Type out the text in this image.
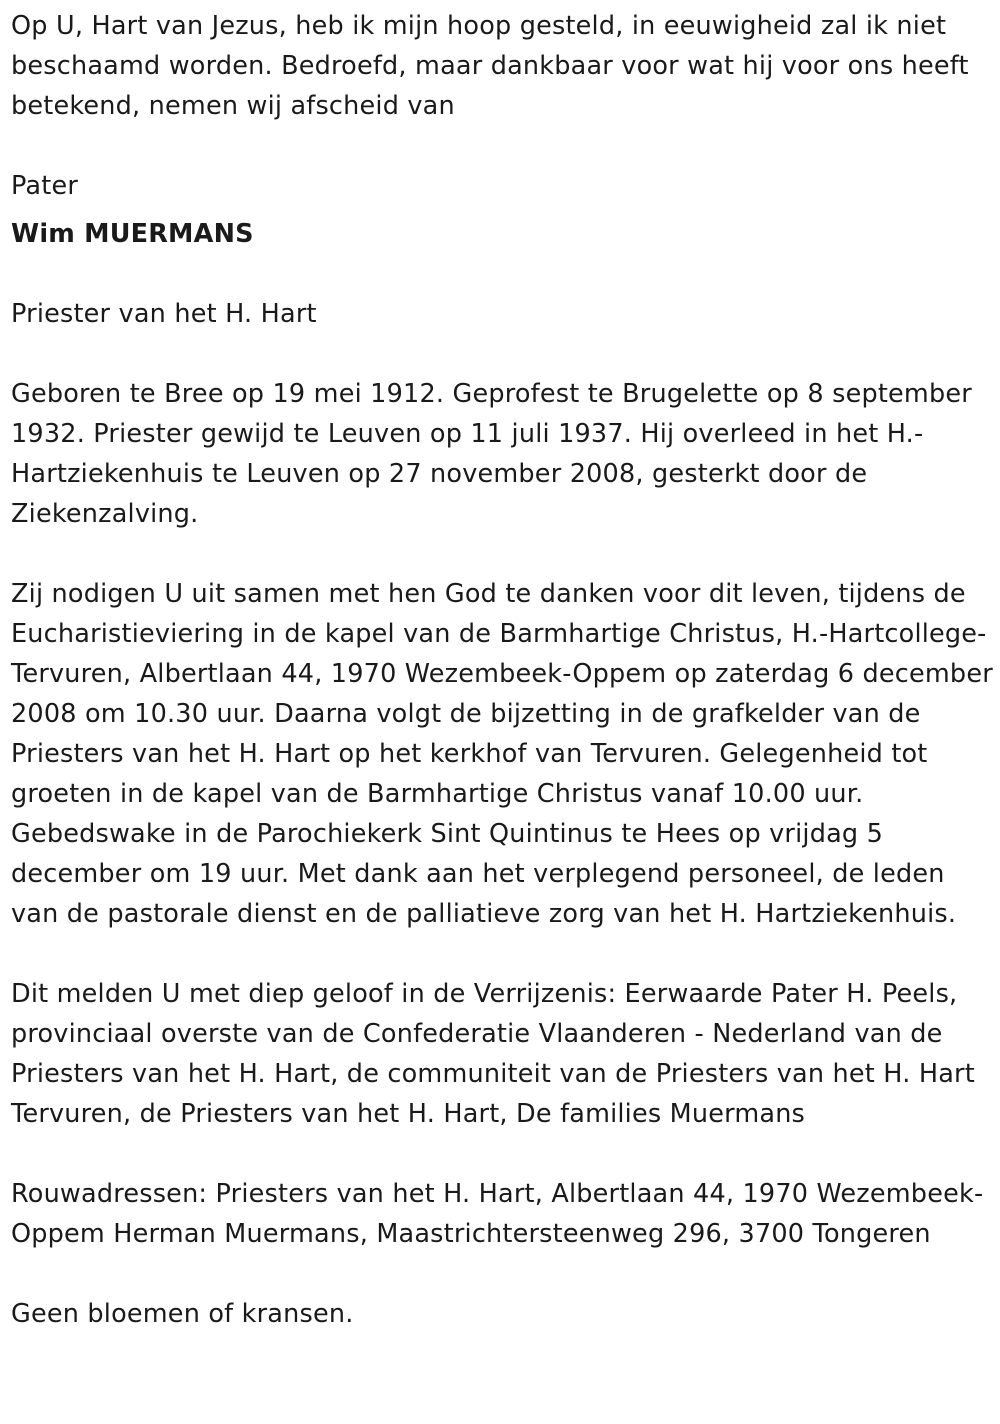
Op U, Hart van Jezus, heb ik mijn hoop gesteld, in eeuwigheid zal ik niet beschaamd worden. Bedroefd, maar dankbaar voor wat hij voor ons heeft betekend, nemen wij afscheid van

Pater

Wim MUERMANS

Priester van het H. Hart

Geboren te Bree op 19 mei 1912. Geprofest te Brugelette op 8 september 1932. Priester gewijd te Leuven op 11 juli 1937. Hij overleed in het H.-Hartziekenhuis te Leuven op 27 november 2008, gesterkt door de Ziekenzalving.

Zij nodigen U uit samen met hen God te danken voor dit leven, tijdens de Eucharistieviering in de kapel van de Barmhartige Christus, H.-Hartcollege-Tervuren, Albertlaan 44, 1970 Wezembeek-Oppem op zaterdag 6 december 2008 om 10.30 uur. Daarna volgt de bijzetting in de grafkelder van de Priesters van het H. Hart op het kerkhof van Tervuren. Gelegenheid tot groeten in de kapel van de Barmhartige Christus vanaf 10.00 uur. Gebedswake in de Parochiekerk Sint Quintinus te Hees op vrijdag 5 december om 19 uur. Met dank aan het verplegend personeel, de leden van de pastorale dienst en de palliatieve zorg van het H. Hartziekenhuis.

Dit melden U met diep geloof in de Verrijzenis: Eerwaarde Pater H. Peels, provinciaal overste van de Confederatie Vlaanderen - Nederland van de Priesters van het H. Hart, de communiteit van de Priesters van het H. Hart Tervuren, de Priesters van het H. Hart, De families Muermans

Rouwadressen: Priesters van het H. Hart, Albertlaan 44, 1970 Wezembeek-Oppem Herman Muermans, Maastrichtersteenweg 296, 3700 Tongeren

Geen bloemen of kransen.
